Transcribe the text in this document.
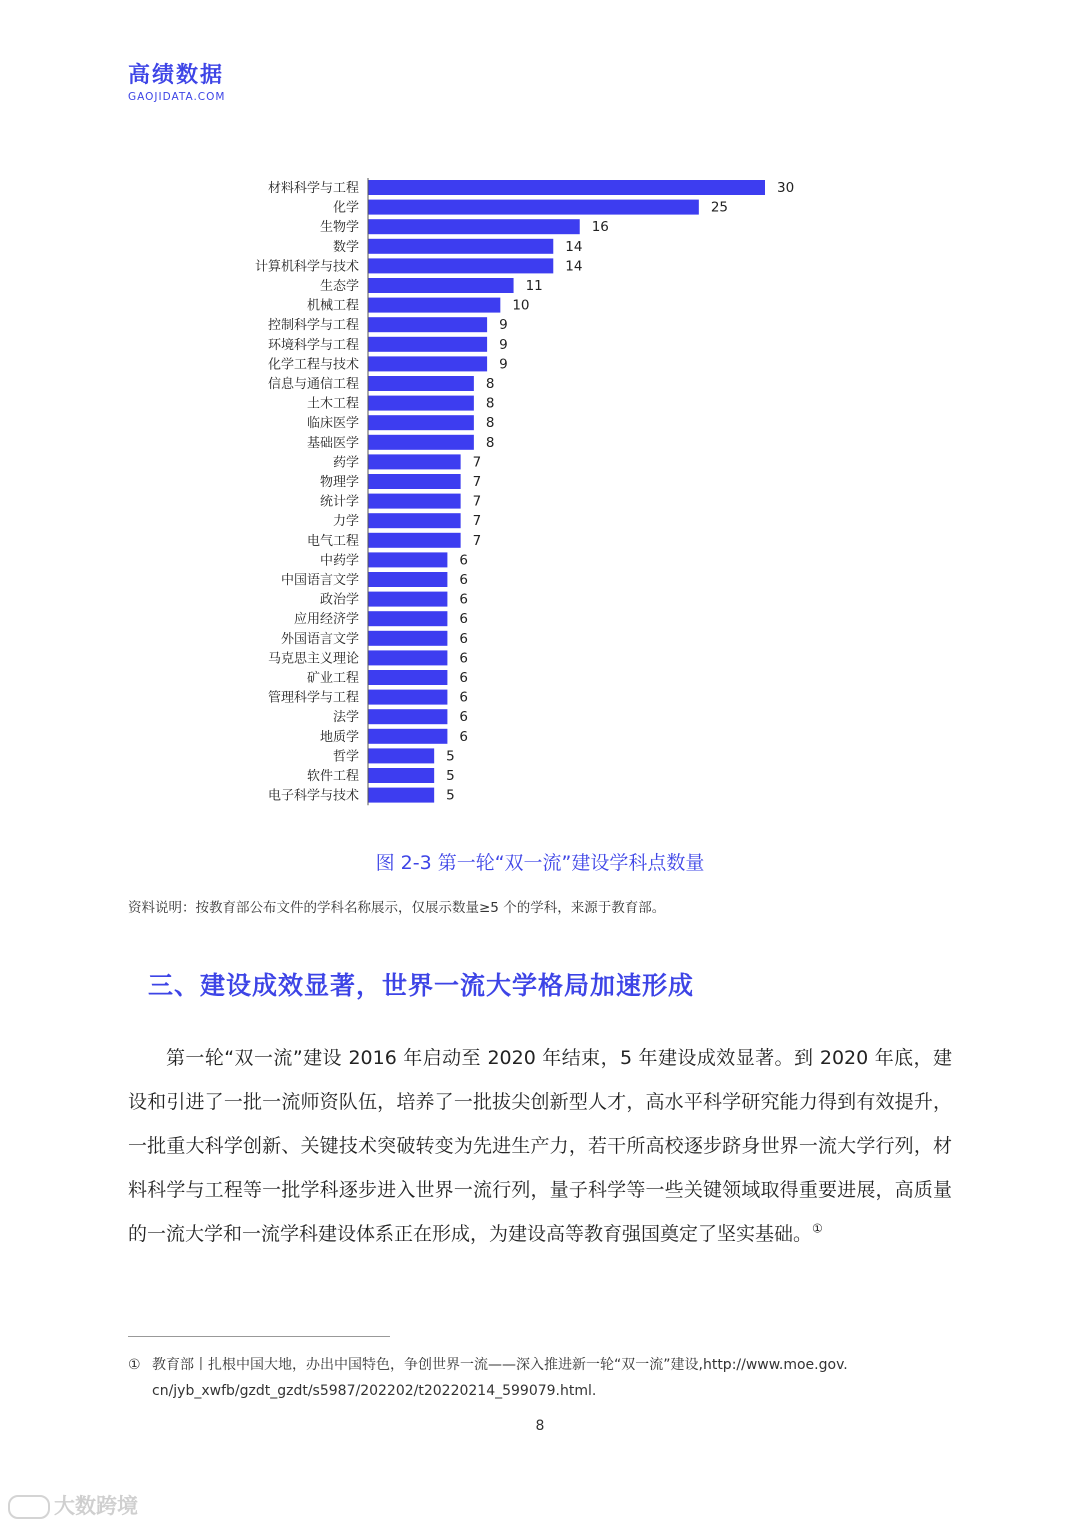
高绩数据
GAOJIDATA.COM
材料科学与工程	30
化学	25
生物学	16
数学	14
计算机科学与技术	14
生态学	11
机械工程	10
控制科学与工程	9
环境科学与工程	9
化学工程与技术	9
信息与通信工程	8
土木工程	8
临床医学	8
基础医学	8
药学	7
物理学	7
统计学	7
力学	7
电气工程	7
中药学	6
中国语言文学	6
政治学	6
应用经济学	6
外国语言文学	6
马克思主义理论	6
矿业工程	6
管理科学与工程	6
法学	6
地质学	6
哲学	5
软件工程	5
电子科学与技术	5
图 2-3 第一轮“双一流”建设学科点数量
资料说明：按教育部公布文件的学科名称展示，仅展示数量≥5 个的学科，来源于教育部。
三、建设成效显著，世界一流大学格局加速形成

第一轮“双一流”建设 2016 年启动至 2020 年结束，5 年建设成效显著。到 2020 年底，建设和引进了一批一流师资队伍，培养了一批拔尖创新型人才，高水平科学研究能力得到有效提升，一批重大科学创新、关键技术突破转变为先进生产力，若干所高校逐步跻身世界一流大学行列，材料科学与工程等一批学科逐步进入世界一流行列，量子科学等一些关键领域取得重要进展，高质量的一流大学和一流学科建设体系正在形成，为建设高等教育强国奠定了坚实基础。①

① 教育部丨扎根中国大地，办出中国特色，争创世界一流——深入推进新一轮“双一流”建设,http://www.moe.gov.
cn/jyb_xwfb/gzdt_gzdt/s5987/202202/t20220214_599079.html.
8
大数跨境
